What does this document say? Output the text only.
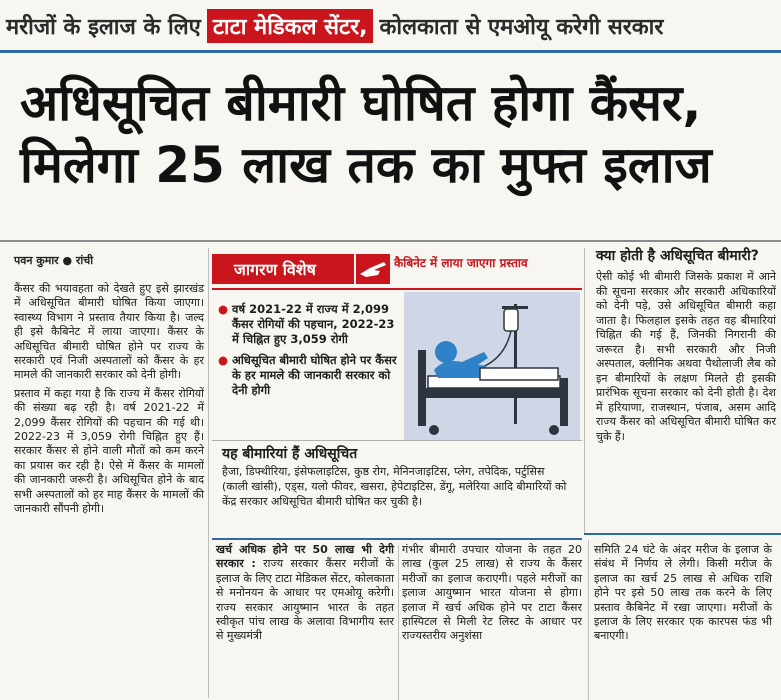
मरीजों के इलाज के लिए टाटा मेडिकल सेंटर, कोलकाता से एमओयू करेगी सरकार
अधिसूचित बीमारी घोषित होगा कैंसर,
मिलेगा 25 लाख तक का मुफ्त इलाज
पवन कुमार ● रांची

कैंसर की भयावहता को देखते हुए इसे झारखंड में अधिसूचित बीमारी घोषित किया जाएगा। स्वास्थ्य विभाग ने प्रस्ताव तैयार किया है। जल्द ही इसे कैबिनेट में लाया जाएगा। कैंसर के अधिसूचित बीमारी घोषित होने पर राज्य के सरकारी एवं निजी अस्पतालों को कैंसर के हर मामले की जानकारी सरकार को देनी होगी।

प्रस्ताव में कहा गया है कि राज्य में कैंसर रोगियों की संख्या बढ़ रही है। वर्ष 2021-22 में 2,099 कैंसर रोगियों की पहचान की गई थी। 2022-23 में 3,059 रोगी चिह्नित हुए हैं। सरकार कैंसर से होने वाली मौतों को कम करने का प्रयास कर रही है। ऐसे में कैंसर के मामलों की जानकारी जरूरी है। अधिसूचित होने के बाद सभी अस्पतालों को हर माह कैंसर के मामलों की जानकारी सौंपनी होगी।

जागरण विशेष	कैबिनेट में लाया जाएगा प्रस्ताव
● वर्ष 2021-22 में राज्य में 2,099 कैंसर रोगियों की पहचान, 2022-23 में चिह्नित हुए 3,059 रोगी
● अधिसूचित बीमारी घोषित होने पर कैंसर के हर मामले की जानकारी सरकार को देनी होगी
यह बीमारियां हैं अधिसूचित
हैजा, डिफ्थीरिया, इंसेफलाइटिस, कुष्ठ रोग, मेनिनजाइटिस, प्लेग, तपेदिक, पर्टुसिस (काली खांसी), एड्स, यलो फीवर, खसरा, हेपेटाइटिस, डेंगू, मलेरिया आदि बीमारियों को केंद्र सरकार अधिसूचित बीमारी घोषित कर चुकी है।
क्या होती है अधिसूचित बीमारी?
ऐसी कोई भी बीमारी जिसके प्रकाश में आने की सूचना सरकार और सरकारी अधिकारियों को देनी पड़े, उसे अधिसूचित बीमारी कहा जाता है। फिलहाल इसके तहत वह बीमारियां चिह्नित की गई हैं, जिनकी निगरानी की जरूरत है। सभी सरकारी और निजी अस्पताल, क्लीनिक अथवा पैथोलाजी लैब को इन बीमारियों के लक्षण मिलते ही इसकी प्रारंभिक सूचना सरकार को देनी होती है। देश में हरियाणा, राजस्थान, पंजाब, असम आदि राज्य कैंसर को अधिसूचित बीमारी घोषित कर चुके हैं।
खर्च अधिक होने पर 50 लाख भी देगी सरकार : राज्य सरकार कैंसर मरीजों के इलाज के लिए टाटा मेडिकल सेंटर, कोलकाता से मनोनयन के आधार पर एमओयू करेगी। राज्य सरकार आयुष्मान भारत के तहत स्वीकृत पांच लाख के अलावा विभागीय स्तर से मुख्यमंत्री
गंभीर बीमारी उपचार योजना के तहत 20 लाख (कुल 25 लाख) से राज्य के कैंसर मरीजों का इलाज कराएगी। पहले मरीजों का इलाज आयुष्मान भारत योजना से होगा। इलाज में खर्च अधिक होने पर टाटा कैंसर हास्पिटल से मिली रेट लिस्ट के आधार पर राज्यस्तरीय अनुशंसा
समिति 24 घंटे के अंदर मरीज के इलाज के संबंध में निर्णय ले लेगी। किसी मरीज के इलाज का खर्च 25 लाख से अधिक राशि होने पर इसे 50 लाख तक करने के लिए प्रस्ताव कैबिनेट में रखा जाएगा। मरीजों के इलाज के लिए सरकार एक कारपस फंड भी बनाएगी।
